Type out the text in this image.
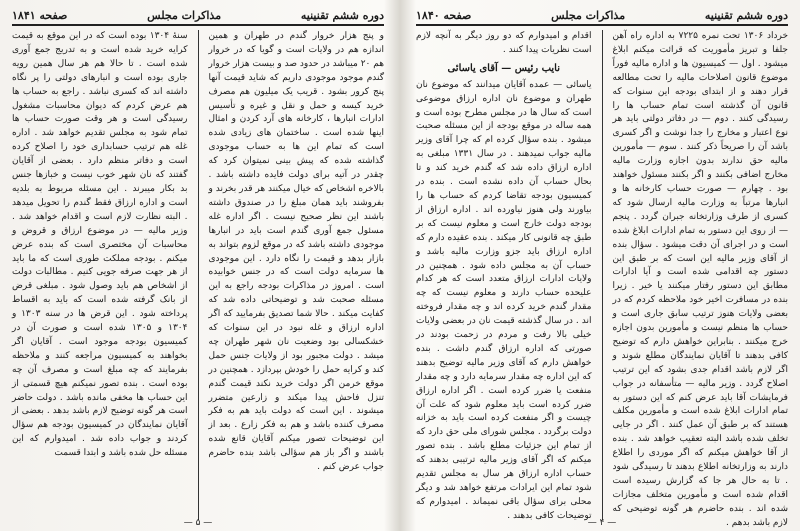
دوره ششم تقنینیه
مذاکرات مجلس
صفحه ۱۸۴۱

و پنج هزار خروار گندم در طهران و همین اندازه هم در ولایات است و گویا که در خروار هم ۲۰ میباشد در حدود صد و بیست هزار خروار گندم موجود موجودی داریم که شاید قیمت آنها پنج کرور بشود . قریب یک میلیون هم مصرف خرید کیسه و حمل و نقل و غیره و تأسیس ادارات انبارها ، کارخانه های آرد کردن و امثال اینها شده است . ساختمان های زیادی شده است که تمام این ها به حساب موجودی گذاشته شده که پیش بینی نمیتوان کرد که چقدر در آتیه برای دولت فایده داشته باشد . بالاخره اشخاص که خیال میکنند هر قدر بخرند و بفروشند باید همان مبلغ را در صندوق داشته باشند این نظر صحیح نیست . اگر اداره غله مسئول جمع آوری گندم است باید در انبارها موجودی داشته باشد که در موقع لزوم بتواند به بازار بدهد و قیمت را نگاه دارد . این موجودی ها سرمایه دولت است که در جنس خوابیده است . امروز در مذاکرات بودجه راجع به این مسئله صحبت شد و توضیحاتی داده شد که کفایت میکند . حالا شما تصدیق بفرمایید که اگر اداره ارزاق و غله نبود در این سنوات که خشکسالی بود وضعیت نان شهر طهران چه میشد . دولت مجبور بود از ولایات جنس حمل کند و کرایه حمل را خودش بپردازد . همچنین در موقع خرمن اگر دولت خرید نکند قیمت گندم تنزل فاحش پیدا میکند و زارعین متضرر میشوند . این است که دولت باید هم به فکر مصرف کننده باشد و هم به فکر زارع . بعد از این توضیحات تصور میکنم آقایان قانع شده باشند و اگر باز هم سؤالی باشد بنده حاضرم جواب عرض کنم .

سنهٔ ۱۳۰۴ بوده است که در این موقع به قیمت کرایه خرید شده است و به تدریج جمع آوری شده است . تا حالا هم هر سال همین رویه جاری بوده است و انبارهای دولتی را پر نگاه داشته اند که کسری نباشد . راجع به حساب ها هم عرض کردم که دیوان محاسبات مشغول رسیدگی است و هر وقت صورت حساب ها تمام شود به مجلس تقدیم خواهد شد . اداره غله هم ترتیب حسابداری خود را اصلاح کرده است و دفاتر منظم دارد . بعضی از آقایان گفتند که نان شهر خوب نیست و خبازها جنس بد بکار میبرند . این مسئله مربوط به بلدیه است و اداره ارزاق فقط گندم را تحویل میدهد . البته نظارت لازم است و اقدام خواهد شد . وزیر مالیه — در موضوع ارزاق و قروض و محاسبات آن مختصری است که بنده عرض میکنم . بودجه مملکت طوری است که ما باید از هر جهت صرفه جویی کنیم . مطالبات دولت از اشخاص هم باید وصول شود . مبلغی قرض از بانک گرفته شده است که باید به اقساط پرداخته شود . این قرض ها در سنه ۱۳۰۳ و ۱۳۰۴ و ۱۳۰۵ شده است و صورت آن در کمیسیون بودجه موجود است . آقایان اگر بخواهند به کمیسیون مراجعه کنند و ملاحظه بفرمایند که چه مبلغ است و مصرف آن چه بوده است . بنده تصور نمیکنم هیچ قسمتی از این حساب ها مخفی مانده باشد . دولت حاضر است هر گونه توضیح لازم باشد بدهد . بعضی از آقایان نمایندگان در کمیسیون بودجه هم سؤال کردند و جواب داده شد . امیدوارم که این مسئله حل شده باشد و ابتدا قسمت

— ۵ —
دوره ششم تقنینیه
مذاکرات مجلس
صفحه ۱۸۴۰

خرداد ۱۳۰۶ تحت نمره ۷۲۲۵ به اداره راه آهن جلفا و تبریز مأموریت که قرائت میکنم ابلاغ میشود . اول — کمیسیون ها و اداره مالیه فوراً موضوع قانون اصلاحات مالیه را تحت مطالعه قرار دهند و از ابتدای بودجه این سنوات که قانون آن گذشته است تمام حساب ها را رسیدگی کنند . دوم — در دفاتر دولتی باید هر نوع اعتبار و مخارج را جدا نوشت و اگر کسری باشد آن را صریحاً ذکر کنند . سوم — مأمورین مالیه حق ندارند بدون اجازه وزارت مالیه مخارج اضافی بکنند و اگر بکنند مسئول خواهند بود . چهارم — صورت حساب کارخانه ها و انبارها مرتباً به وزارت مالیه ارسال شود که کسری از طرف وزارتخانه جبران گردد . پنجم — از روی این دستور به تمام ادارات ابلاغ شده است و در اجرای آن دقت میشود . سؤال بنده از آقای وزیر مالیه این است که بر طبق این دستور چه اقدامی شده است و آیا ادارات مطابق این دستور رفتار میکنند یا خیر . زیرا بنده در مسافرت اخیر خود ملاحظه کردم که در بعضی ولایات هنوز ترتیب سابق جاری است و حساب ها منظم نیست و مأمورین بدون اجازه خرج میکنند . بنابراین خواهش دارم که توضیح کافی بدهند تا آقایان نمایندگان مطلع شوند و اگر لازم باشد اقدام جدی بشود که این ترتیب اصلاح گردد . وزیر مالیه — متأسفانه در جواب فرمایشات آقا باید عرض کنم که این دستور به تمام ادارات ابلاغ شده است و مأمورین مکلف هستند که بر طبق آن عمل کنند . اگر در جایی تخلف شده باشد البته تعقیب خواهد شد . بنده از آقا خواهش میکنم که اگر موردی را اطلاع دارند به وزارتخانه اطلاع بدهند تا رسیدگی شود . تا به حال هر جا که گزارش رسیده است اقدام شده است و مأمورین متخلف مجازات شده اند . بنده حاضرم هر گونه توضیحی که لازم باشد بدهم .

اقدام و امیدوارم که دو روز دیگر به آنچه لازم است نظریات پیدا کنند .

نایب رئیس — آقای یاسائی

یاسائی — عمده آقایان میدانند که موضوع نان طهران و موضوع نان اداره ارزاق موضوعی است که سال ها در مجلس مطرح بوده است و همه ساله در موقع بودجه از این مسئله صحبت میشود . بنده سؤال کرده ام که چرا آقای وزیر مالیه جواب نمیدهند . در سال ۱۳۳۱ مبلغی به اداره ارزاق داده شد که گندم خرید کند و تا بحال حساب آن داده نشده است . بنده در کمیسیون بودجه تقاضا کردم که حساب ها را بیاورند ولی هنوز نیاورده اند . اداره ارزاق از بودجه دولت خارج است و معلوم نیست که بر طبق چه قانونی کار میکند . بنده عقیده دارم که اداره ارزاق باید جزو وزارت مالیه باشد و حساب آن به مجلس داده شود . همچنین در ولایات ادارات ارزاق متعدد است که هر کدام علیحده حساب دارند و معلوم نیست که چه مقدار گندم خرید کرده اند و چه مقدار فروخته اند . در سال گذشته قیمت نان در بعضی ولایات خیلی بالا رفت و مردم در زحمت بودند در صورتی که اداره ارزاق گندم داشت . بنده خواهش دارم که آقای وزیر مالیه توضیح بدهند که این اداره چه مقدار سرمایه دارد و چه مقدار منفعت یا ضرر کرده است . اگر اداره ارزاق ضرر کرده است باید معلوم شود که علت آن چیست و اگر منفعت کرده است باید به خزانه دولت برگردد . مجلس شورای ملی حق دارد که از تمام این جزئیات مطلع باشد . بنده تصور میکنم که اگر آقای وزیر مالیه ترتیبی بدهند که حساب اداره ارزاق هر سال به مجلس تقدیم شود تمام این ایرادات مرتفع خواهد شد و دیگر محلی برای سؤال باقی نمیماند . امیدوارم که توضیحات کافی بدهند .

— ۴ —
